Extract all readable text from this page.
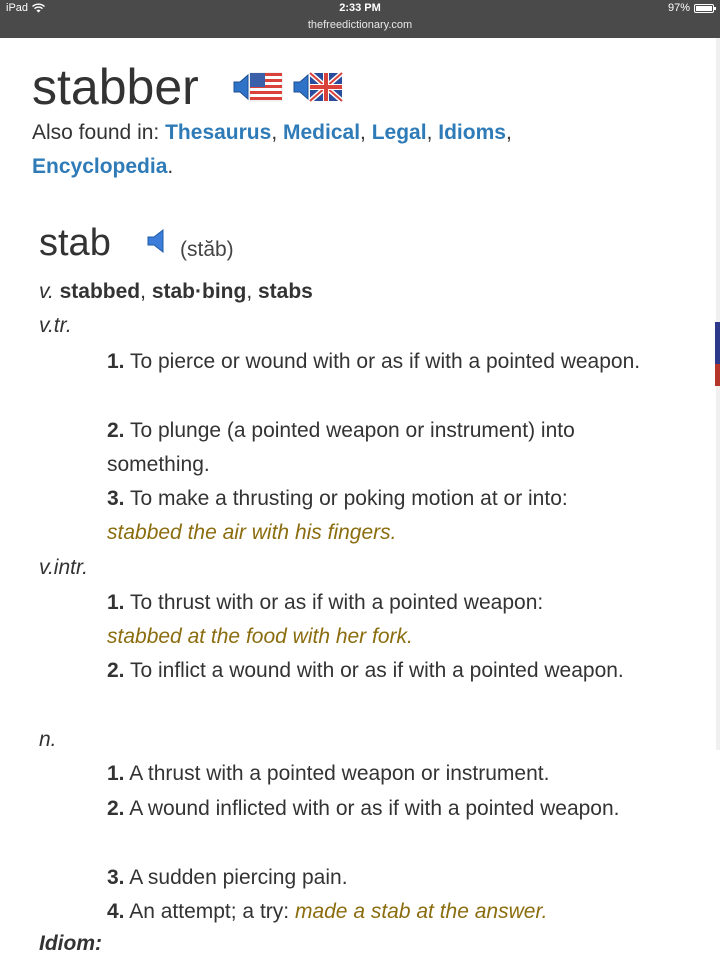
iPad	2:33 PM
thefreedictionary.com
97%
stabber
Also found in: Thesaurus, Medical, Legal, Idioms,
Encyclopedia.
stab	(stăb)
v. stabbed, stab·bing, stabs
v.tr.
1. To pierce or wound with or as if with a pointed weapon.
2. To plunge (a pointed weapon or instrument) into something.
3. To make a thrusting or poking motion at or into:
stabbed the air with his fingers.
v.intr.
1. To thrust with or as if with a pointed weapon:
stabbed at the food with her fork.
2. To inflict a wound with or as if with a pointed weapon.
n.
1. A thrust with a pointed weapon or instrument.
2. A wound inflicted with or as if with a pointed weapon.
3. A sudden piercing pain.
4. An attempt; a try: made a stab at the answer.
Idiom:
